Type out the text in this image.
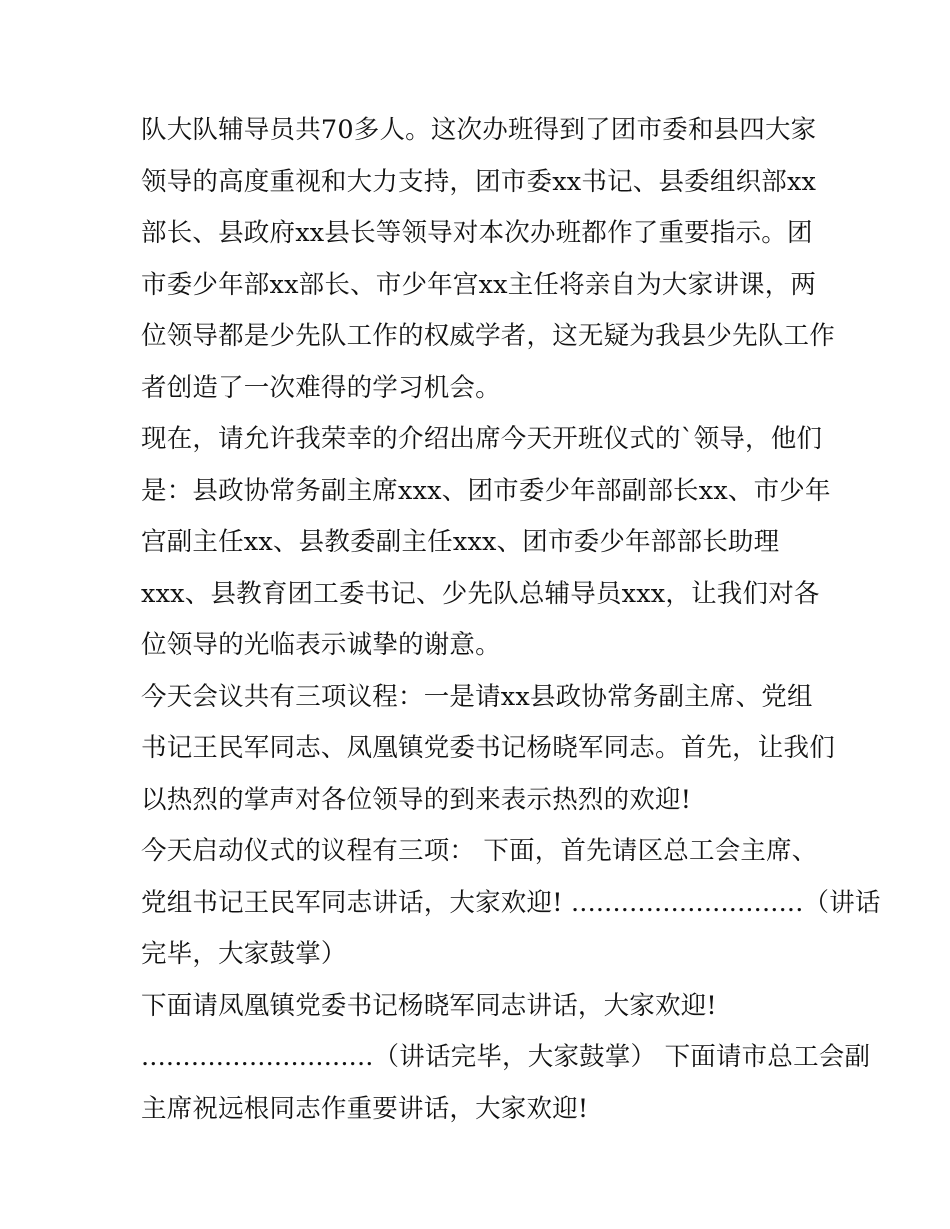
队大队辅导员共70多人。这次办班得到了团市委和县四大家
领导的高度重视和大力支持，团市委xx书记、县委组织部xx
部长、县政府xx县长等领导对本次办班都作了重要指示。团
市委少年部xx部长、市少年宫xx主任将亲自为大家讲课，两
位领导都是少先队工作的权威学者，这无疑为我县少先队工作
者创造了一次难得的学习机会。
现在，请允许我荣幸的介绍出席今天开班仪式的`领导，他们
是：县政协常务副主席xxx、团市委少年部副部长xx、市少年
宫副主任xx、县教委副主任xxx、团市委少年部部长助理
xxx、县教育团工委书记、少先队总辅导员xxx，让我们对各
位领导的光临表示诚挚的谢意。
今天会议共有三项议程：一是请xx县政协常务副主席、党组
书记王民军同志、凤凰镇党委书记杨晓军同志。首先，让我们
以热烈的掌声对各位领导的到来表示热烈的欢迎!
今天启动仪式的议程有三项： 下面，首先请区总工会主席、
党组书记王民军同志讲话，大家欢迎! ............................（讲话
完毕，大家鼓掌）
下面请凤凰镇党委书记杨晓军同志讲话，大家欢迎!
............................（讲话完毕，大家鼓掌） 下面请市总工会副
主席祝远根同志作重要讲话，大家欢迎!
